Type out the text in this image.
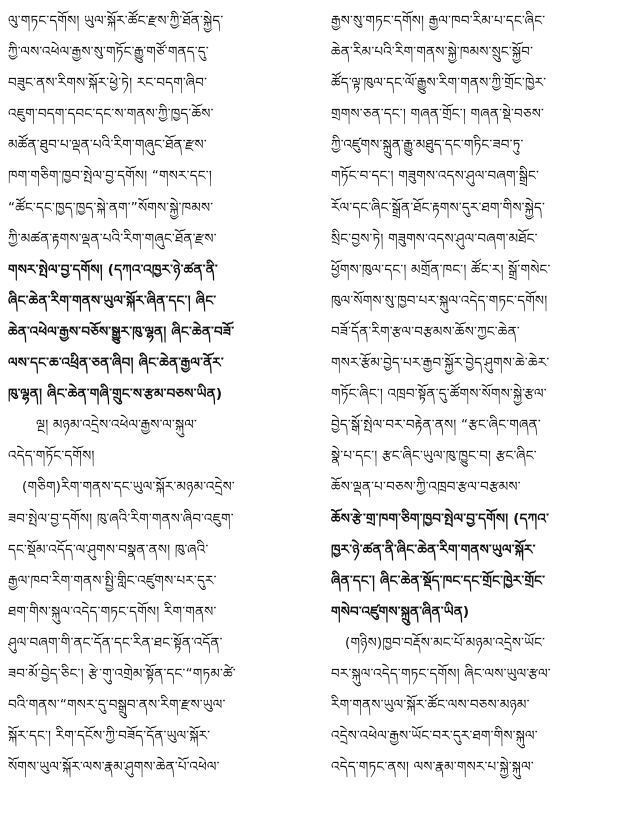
ལུ་གཏང་དགོས། ཡུལ་སྐོར་ཚོང་རྫས་ཀྱི་ཐོན་སྐྱེད་
ཀྱི་ལས་འཕེལ་རྒྱས་སུ་གཏོང་རྒྱུ་གཙོ་གནད་དུ་
བཟུང་ནས་རིགས་སྐོར་ཕྱེ་ཏེ། རང་བདག་ཞིབ་
འཇུག་བདག་དབང་དང་ས་གནས་ཀྱི་ཁྱད་ཆོས་
མཚོན་ཐུབ་པ་ལྡན་པའི་རིག་གཞུང་ཐོན་རྫས་
ཁག་གཅིག་ཁྱབ་སྤེལ་བྱ་དགོས། “གསར་དང་།
“ཚོང་དང་ཁྱད་ཁྱད་སྐེ་ནག་”སོགས་སྐྱེ་ཁམས་
ཀྱི་མཚན་རྟགས་ལྡན་པའི་རིག་གཞུང་ཐོན་རྫས་
གསར་སྤེལ་བྱ་དགོས། (དཀའ་འཁྱར་ཉེ་ཚན་ནི་
ཞིང་ཆེན་རིག་གནས་ཡུལ་སྐོར་ཞིན་དང་། ཞིང་
ཆེན་འཕེལ་རྒྱས་བཅོས་སྒྱུར་ཁུ་ལྷན། ཞིང་ཆེན་བཟོ་
ལས་དང་ཆ་འཕྲིན་ཅན་ཞིབ། ཞིང་ཆེན་རྒྱལ་ནོར་
ཁུ་ལྷན། ཞིང་ཆེན་གཞི་གྲུང་ས་རྩམ་བཅས་ཡིན)
ལྔ། མཉམ་འདྲེས་འཕེལ་རྒྱས་ལ་སྐུལ་
འདེད་གཏོང་དགོས།
(གཅིག)རིག་གནས་དང་ཡུལ་སྐོར་མཉམ་འདྲེས་
ཟབ་སྤེལ་བྱ་དགོས། ཁུ་ཞའི་རིག་གནས་ཞིབ་འཇུག་
དང་སྡོམ་འདོད་ལ་ཤུགས་བསྣན་ནས། ཁུ་ཞའི་
རྒྱལ་ཁབ་རིག་གནས་སྤྱི་གླིང་འཛུགས་པར་དུར་
ཐག་གིས་སྐུལ་འདེད་གཏང་དགོས། རིག་གནས་
ཤུལ་བཞག་གི་ནང་དོན་དང་རིན་ཐང་སྟོན་འདོན་
ཟབ་མོ་བྱེད་ཅིང་། རྩེ་གུ་འགྲེམ་སྟོན་དང་“གཏམ་ཚེ་
བའི་གནས་“གསར་དུ་བསྒྲུབ་ནས་རིག་རྫས་ཡུལ་
སྐོར་དང་། རིག་དངོས་ཀྱི་བཟོད་དོན་ཡུལ་སྐོར་
སོགས་ཡུལ་སྐོར་ལས་རྣམ་ཤུགས་ཆེན་པོ་འཕེལ་
རྒྱས་སུ་གཏང་དགོས། རྒྱལ་ཁབ་རིམ་པ་དང་ཞིང་
ཆེན་རིམ་པའི་རིག་གནས་སྐྱེ་ཁམས་སྲུང་སྐྱོབ་
ཚོད་ལྟ་ཁུལ་དང་ལོ་རྒྱུས་རིག་གནས་ཀྱི་གྲོང་ཁྱེར་
གྲགས་ཅན་དང་། གཞན་གྲོང་། གཞན་སྡེ་བཅས་
ཀྱི་འཛུགས་སྐྲུན་རྒྱུ་མཐུད་དང་གཏིང་ཟབ་ཏུ་
གཏོང་བ་དང་། གཟུགས་འདས་ཤུལ་བཞག་སྒྲིང་
རོལ་དང་ཞིང་སྒྲོན་ཐོང་རྟགས་དུར་ཐག་གིས་སྐྱེད་
སྲིང་བྱས་ཏེ། གཟུགས་འདས་ཤུལ་བཞག་མཐོང་
ཕྱོགས་ཁུལ་དང་། མགྲོན་ཁང་། ཚོང་ར། སྒྲོ་གསེང་
ཁུལ་སོགས་སུ་ཁྱབ་པར་སྐུལ་འདེད་གཏང་དགོས།
བཟོ་དོན་རིག་རྩལ་བརྩམས་ཆོས་ཀྱང་ཆེན་
གསར་རྩོམ་བྱེད་པར་རྒྱབ་སྐྱོར་བྱེད་ཤུགས་ཆེ་ཆེར་
གཏོང་ཞིང་། འཁྲབ་སྟོན་དུ་ཚོགས་སོགས་སྐྱེ་རྩལ་
བྱེད་སྒོ་སྤེལ་བར་བརྟེན་ནས། “རྩང་ཞིང་གཞན་
སྣེ་པ་དང་། རྩང་ཞིང་ཡུལ་ཁུ་ཁྱུང་བ། རྩང་ཞིང་
ཆོས་ལྡན་པ་བཅས་ཀྱི་འཁྲབ་རྩལ་བརྩམས་
ཆོས་རྩེ་གྲ་ཁག་ཅིག་ཁྱབ་སྤེལ་བྱ་དགོས། (དཀའ་
ཁྱར་ཉེ་ཚན་ནི་ཞིང་ཆེན་རིག་གནས་ཡུལ་སྐོར་
ཞིན་དང་། ཞིང་ཆེན་སྡོད་ཁང་དང་གྲོང་ཁྱེར་གྲོང་
གསེབ་འཛུགས་སྐྲུན་ཞིན་ཡིན)
(གཉིས)ཁྱབ་བརྡོས་མང་པོ་མཉམ་འདྲེས་ཡོང་
བར་སྐུལ་འདེད་གཏང་དགོས། ཞིང་ལས་ཡུལ་རྩལ་
རིག་གནས་ཡུལ་སྐོར་ཚོང་ལས་བཅས་མཉམ་
འདྲེས་འཕེལ་རྒྱས་ཡོང་བར་དུར་ཐག་གིས་སྐུལ་
འདེད་གཏང་ནས། ལས་རྣམ་གསར་པ་སྐྱེ་སྐུལ་
